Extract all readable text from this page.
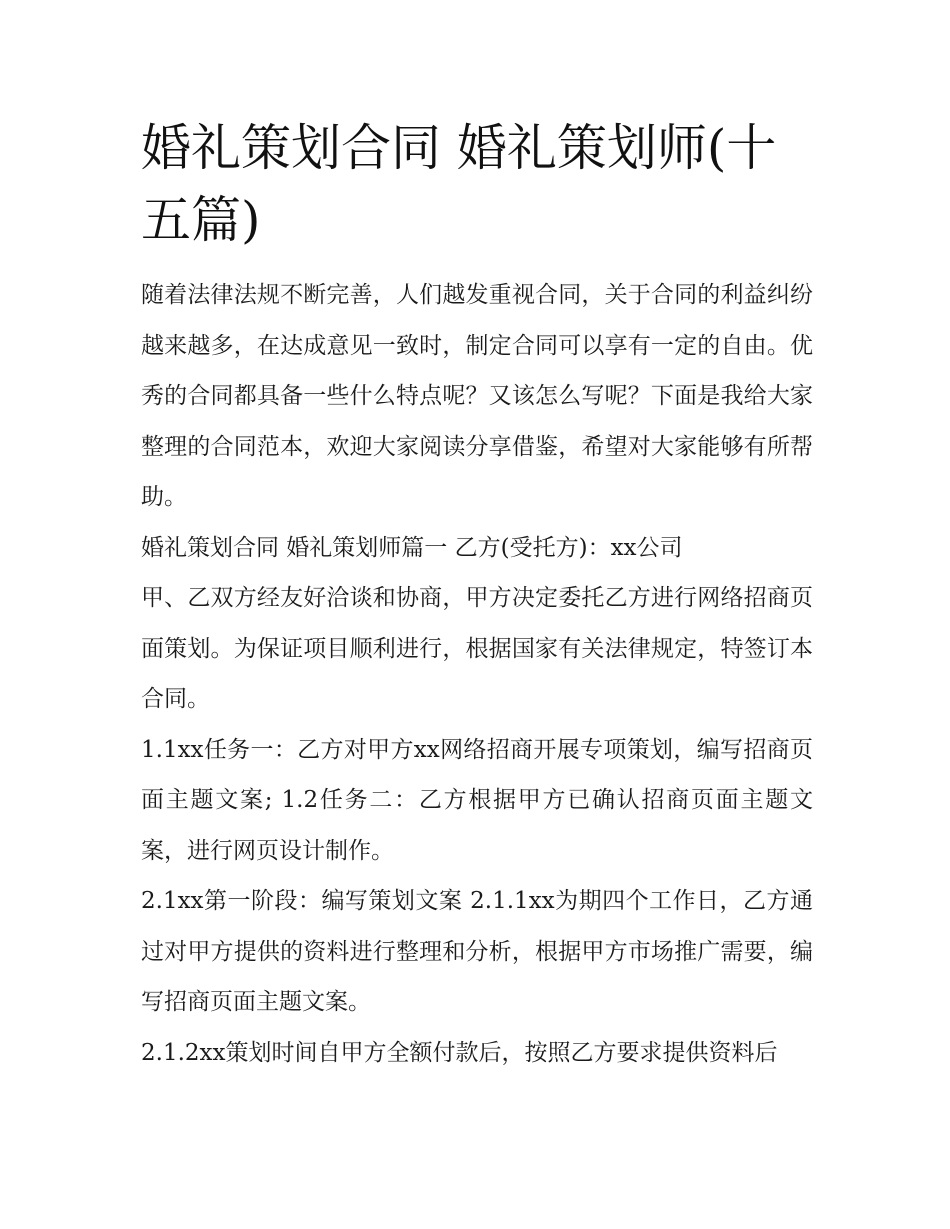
婚礼策划合同 婚礼策划师(十五篇)

随着法律法规不断完善，人们越发重视合同，关于合同的利益纠纷越来越多，在达成意见一致时，制定合同可以享有一定的自由。优秀的合同都具备一些什么特点呢？又该怎么写呢？下面是我给大家整理的合同范本，欢迎大家阅读分享借鉴，希望对大家能够有所帮助。

婚礼策划合同 婚礼策划师篇一 乙方(受托方)：xx公司

甲、乙双方经友好洽谈和协商，甲方决定委托乙方进行网络招商页面策划。为保证项目顺利进行，根据国家有关法律规定，特签订本合同。

1.1xx任务一：乙方对甲方xx网络招商开展专项策划，编写招商页面主题文案; 1.2任务二：乙方根据甲方已确认招商页面主题文案，进行网页设计制作。

2.1xx第一阶段：编写策划文案 2.1.1xx为期四个工作日，乙方通过对甲方提供的资料进行整理和分析，根据甲方市场推广需要，编写招商页面主题文案。

2.1.2xx策划时间自甲方全额付款后，按照乙方要求提供资料后
